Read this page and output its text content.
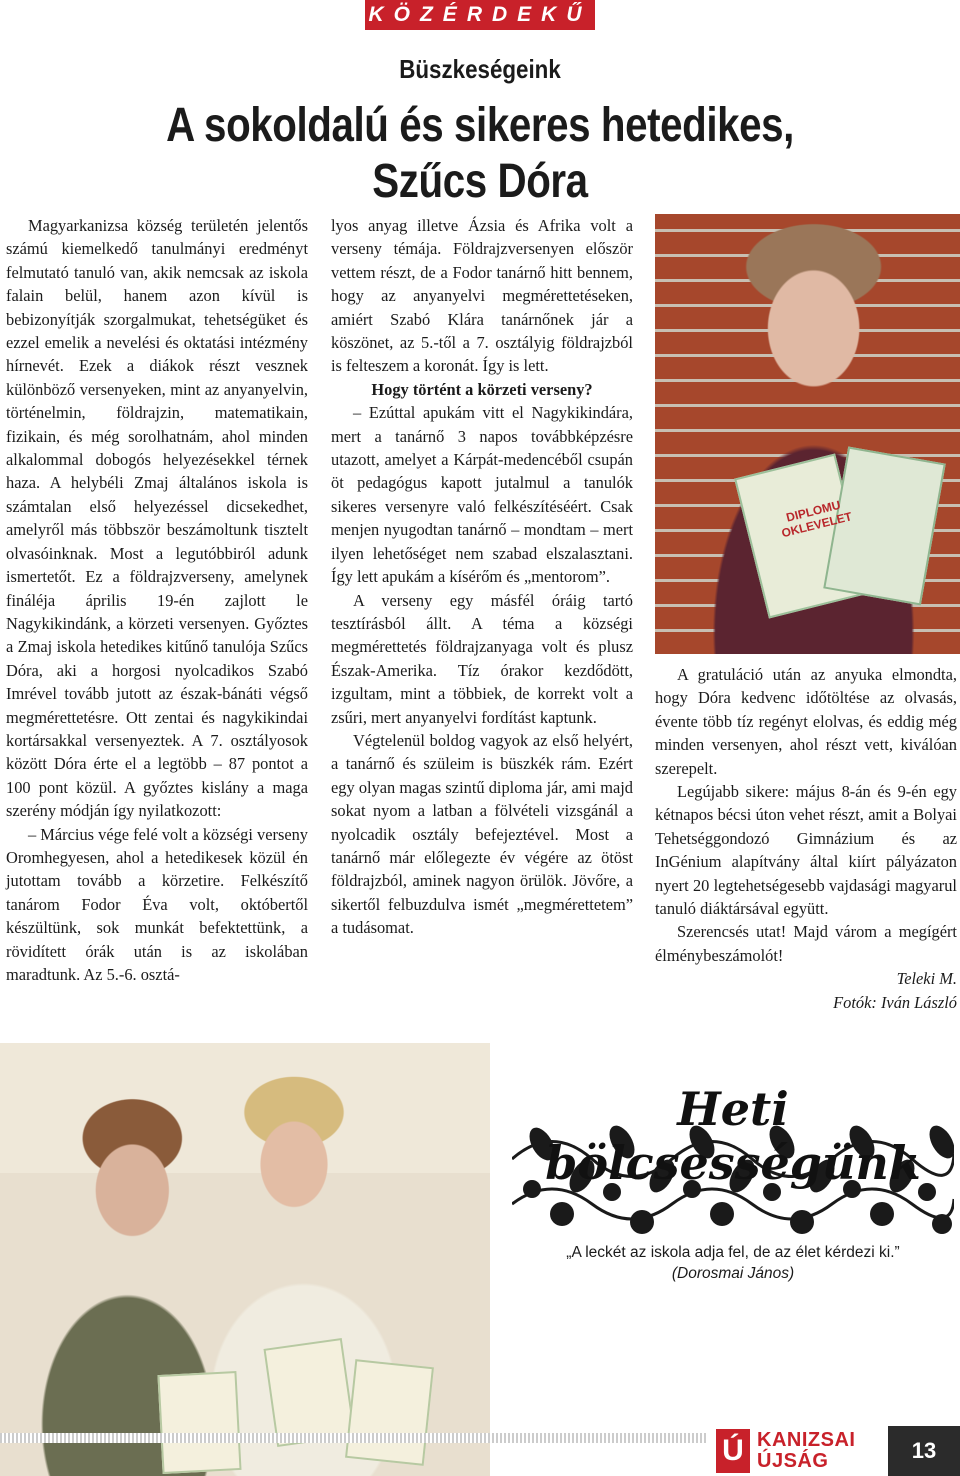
KÖZÉRDEKŰ
Büszkeségeink
A sokoldalú és sikeres hetedikes,
Szűcs Dóra

Magyarkanizsa község területén jelentős számú kiemelkedő tanulmányi eredményt felmutató tanuló van, akik nemcsak az iskola falain belül, hanem azon kívül is bebizonyítják szorgalmukat, tehetségüket és ezzel emelik a nevelési és oktatási intézmény hírnevét. Ezek a diákok részt vesznek különböző versenyeken, mint az anyanyelvin, történelmin, földrajzin, matematikain, fizikain, és még sorolhatnám, ahol minden alkalommal dobogós helyezésekkel térnek haza. A helybéli Zmaj általános iskola is számtalan első helyezéssel dicsekedhet, amelyről más többször beszámoltunk tisztelt olvasóinknak. Most a legutóbbiról adunk ismertetőt. Ez a földrajzverseny, amelynek fináléja április 19-én zajlott le Nagykikindánk, a körzeti versenyen. Győztes a Zmaj iskola hetedikes kitűnő tanulója Szűcs Dóra, aki a horgosi nyolcadikos Szabó Imrével tovább jutott az észak-bánáti végső megmérettetésre. Ott zentai és nagykikindai kortársakkal versenyeztek. A 7. osztályosok között Dóra érte el a legtöbb – 87 pontot a 100 pont közül. A győztes kislány a maga szerény módján így nyilatkozott:

– Március vége felé volt a községi verseny Oromhegyesen, ahol a hetedikesek közül én jutottam tovább a körzetire. Felkészítő tanárom Fodor Éva volt, októbertől készültünk, sok munkát befektettünk, a rövidített órák után is az iskolában maradtunk. Az 5.-6. osztá-

lyos anyag illetve Ázsia és Afrika volt a verseny témája. Földrajzversenyen először vettem részt, de a Fodor tanárnő hitt bennem, hogy az anyanyelvi megmérettetéseken, amiért Szabó Klára tanárnőnek jár a köszönet, az 5.-től a 7. osztályig földrajzból is felteszem a koronát. Így is lett.

Hogy történt a körzeti verseny?

– Ezúttal apukám vitt el Nagykikindára, mert a tanárnő 3 napos továbbképzésre utazott, amelyet a Kárpát-medencéből csupán öt pedagógus kapott jutalmul a tanulók sikeres versenyre való felkészítéséért. Csak menjen nyugodtan tanárnő – mondtam – mert ilyen lehetőséget nem szabad elszalasztani. Így lett apukám a kísérőm és „mentorom”.

A verseny egy másfél óráig tartó tesztírásból állt. A téma a községi megmérettetés földrajzanyaga volt és plusz Észak-Amerika. Tíz órakor kezdődött, izgultam, mint a többiek, de korrekt volt a zsűri, mert anyanyelvi fordítást kaptunk.

Végtelenül boldog vagyok az első helyért, a tanárnő és szüleim is büszkék rám. Ezért egy olyan magas szintű diploma jár, ami majd sokat nyom a latban a fölvételi vizsgánál a nyolcadik osztály befejeztével. Most a tanárnő már előlegezte év végére az ötöst földrajzból, aminek nagyon örülök. Jövőre, a sikertől felbuzdulva ismét „megmérettetem” a tudásomat.

DIPLOMU OKLEVELET

A gratuláció után az anyuka elmondta, hogy Dóra kedvenc időtöltése az olvasás, évente több tíz regényt elolvas, és eddig még minden versenyen, ahol részt vett, kiválóan szerepelt.

Legújabb sikere: május 8-án és 9-én egy kétnapos bécsi úton vehet részt, amit a Bolyai Tehetséggondozó Gimnázium és az InGénium alapítvány által kiírt pályázaton nyert 20 legtehetségesebb vajdasági magyarul tanuló diáktársával együtt.

Szerencsés utat! Majd várom a megígért élménybeszámolót!

Teleki M.

Fotók: Iván László

Heti bölcsességünk
„A leckét az iskola adja fel, de az élet kérdezi ki.”
(Dorosmai János)
Ú KANIZSAI
ÚJSÁG	13
